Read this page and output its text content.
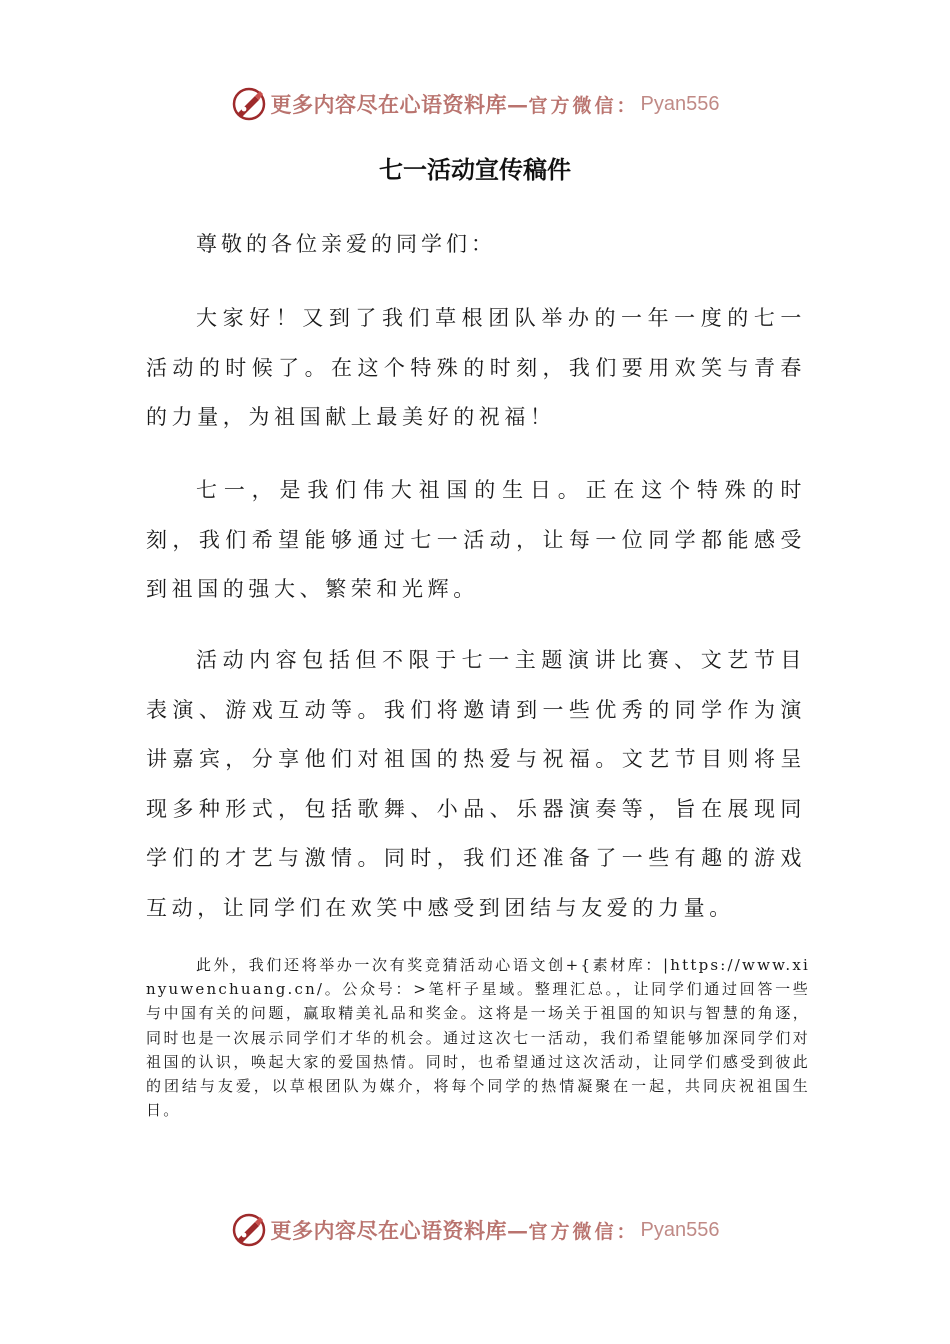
更多内容尽在心语资料库— 官方微信： Pyan556
七一活动宣传稿件
尊敬的各位亲爱的同学们：

大家好！又到了我们草根团队举办的一年一度的七一活动的时候了。在这个特殊的时刻，我们要用欢笑与青春的力量，为祖国献上最美好的祝福！

七一，是我们伟大祖国的生日。正在这个特殊的时刻，我们希望能够通过七一活动，让每一位同学都能感受到祖国的强大、繁荣和光辉。

活动内容包括但不限于七一主题演讲比赛、文艺节目表演、游戏互动等。我们将邀请到一些优秀的同学作为演讲嘉宾，分享他们对祖国的热爱与祝福。文艺节目则将呈现多种形式，包括歌舞、小品、乐器演奏等，旨在展现同学们的才艺与激情。同时，我们还准备了一些有趣的游戏互动，让同学们在欢笑中感受到团结与友爱的力量。

此外，我们还将举办一次有奖竞猜活动心语文创+{素材库：|https://www.xinyuwenchuang.cn/。公众号：>笔杆子星域。整理汇总。，让同学们通过回答一些与中国有关的问题，赢取精美礼品和奖金。这将是一场关于祖国的知识与智慧的角逐，同时也是一次展示同学们才华的机会。通过这次七一活动，我们希望能够加深同学们对祖国的认识，唤起大家的爱国热情。同时，也希望通过这次活动，让同学们感受到彼此的团结与友爱，以草根团队为媒介，将每个同学的热情凝聚在一起，共同庆祝祖国生日。

更多内容尽在心语资料库— 官方微信： Pyan556
